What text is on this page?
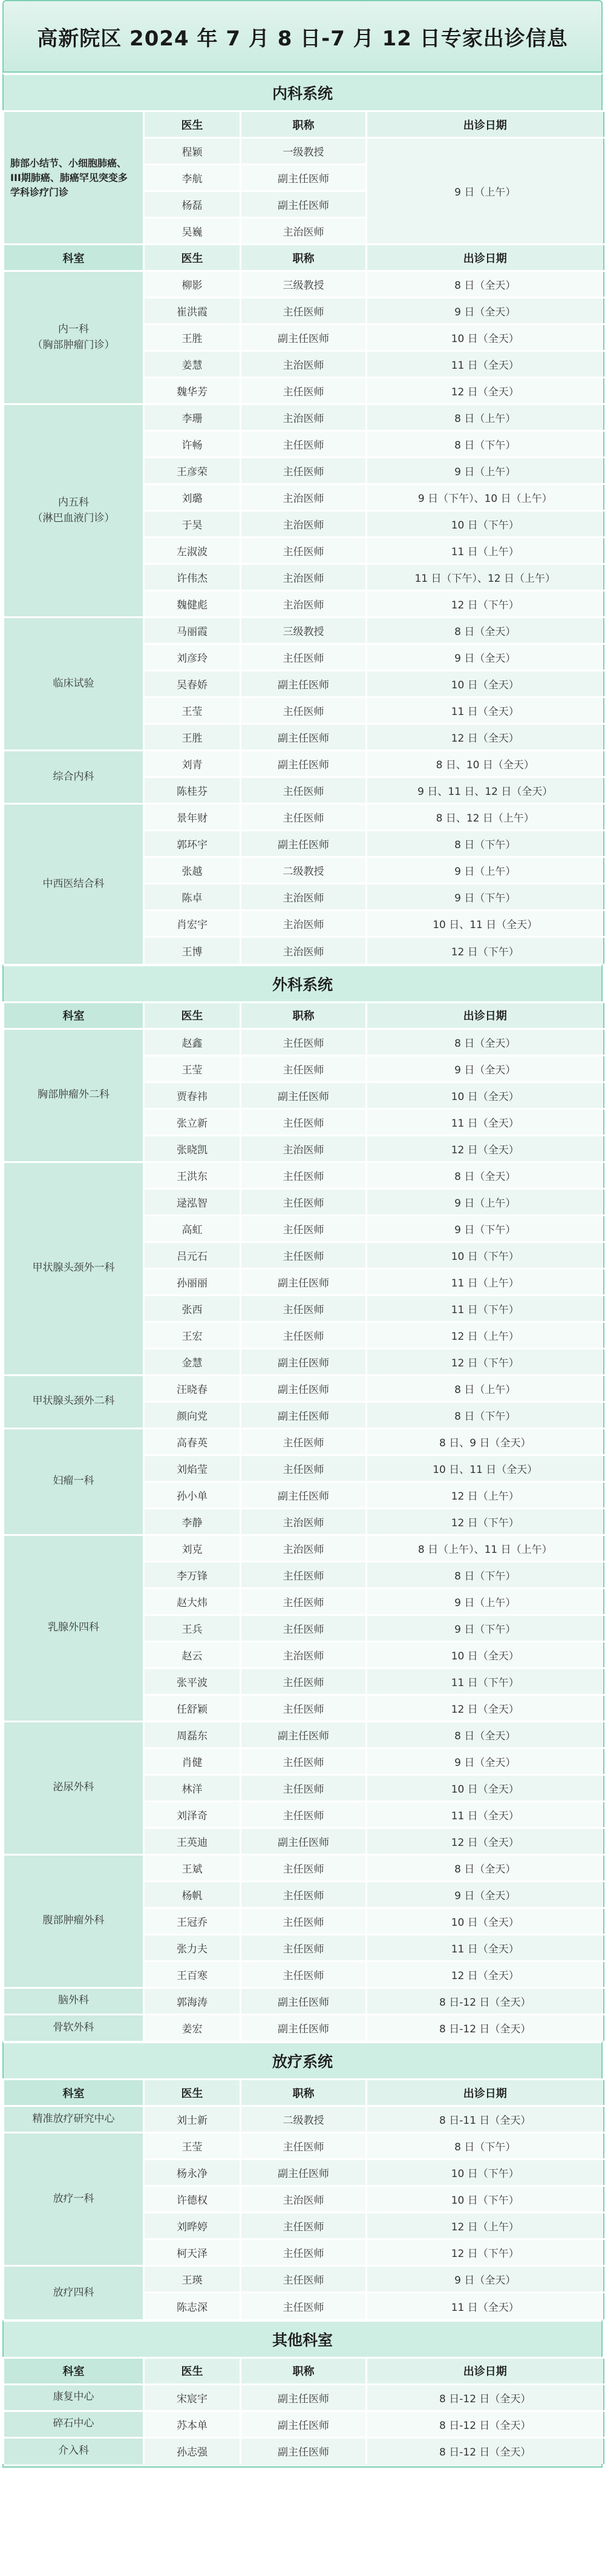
高新院区 2024 年 7 月 8 日-7 月 12 日专家出诊信息
内科系统
肺部小结节、小细胞肺癌、III期肺癌、肺癌罕见突变多学科诊疗门诊	医生	职称	出诊日期
	程颖	一级教授	9 日（上午）
	李航	副主任医师	
	杨磊	副主任医师	
	吴巍	主治医师	
科室	医生	职称	出诊日期

内一科
（胸部肿瘤门诊）	柳影	三级教授	8 日（全天）
	崔洪霞	主任医师	9 日（全天）
	王胜	副主任医师	10 日（全天）
	姜慧	主治医师	11 日（全天）
	魏华芳	主任医师	12 日（全天）

内五科
（淋巴血液门诊）	李珊	主治医师	8 日（上午）
	许畅	主任医师	8 日（下午）
	王彦荣	主任医师	9 日（上午）
	刘璐	主治医师	9 日（下午）、10 日（上午）
	于昊	主治医师	10 日（下午）
	左淑波	主任医师	11 日（上午）
	许伟杰	主治医师	11 日（下午）、12 日（上午）
	魏健彪	主治医师	12 日（下午）

临床试验	马丽霞	三级教授	8 日（全天）
	刘彦玲	主任医师	9 日（全天）
	吴春娇	副主任医师	10 日（全天）
	王莹	主任医师	11 日（全天）
	王胜	副主任医师	12 日（全天）

综合内科	刘青	副主任医师	8 日、10 日（全天）
	陈桂芬	主任医师	9 日、11 日、12 日（全天）

中西医结合科	景年财	主任医师	8 日、12 日（上午）
	郭环宇	副主任医师	8 日（下午）
	张越	二级教授	9 日（上午）
	陈卓	主治医师	9 日（下午）
	肖宏宇	主治医师	10 日、11 日（全天）
	王博	主治医师	12 日（下午）
外科系统
科室	医生	职称	出诊日期

胸部肿瘤外二科	赵鑫	主任医师	8 日（全天）
	王莹	主任医师	9 日（全天）
	贾春祎	副主任医师	10 日（全天）
	张立新	主任医师	11 日（全天）
	张晓凯	主治医师	12 日（全天）

甲状腺头颈外一科	王洪东	主任医师	8 日（全天）
	逯泓智	主任医师	9 日（上午）
	高虹	主任医师	9 日（下午）
	吕元石	主任医师	10 日（下午）
	孙丽丽	副主任医师	11 日（上午）
	张西	主任医师	11 日（下午）
	王宏	主任医师	12 日（上午）
	金慧	副主任医师	12 日（下午）

甲状腺头颈外二科	汪晓春	副主任医师	8 日（上午）
	颜向党	副主任医师	8 日（下午）

妇瘤一科	高春英	主任医师	8 日、9 日（全天）
	刘焰莹	主任医师	10 日、11 日（全天）
	孙小单	副主任医师	12 日（上午）
	李静	主治医师	12 日（下午）

乳腺外四科	刘克	主治医师	8 日（上午）、11 日（上午）
	李万锋	主任医师	8 日（下午）
	赵大炜	主任医师	9 日（上午）
	王兵	主任医师	9 日（下午）
	赵云	主治医师	10 日（全天）
	张平波	主任医师	11 日（下午）
	任舒颖	主任医师	12 日（全天）

泌尿外科	周磊东	副主任医师	8 日（全天）
	肖健	主任医师	9 日（全天）
	林洋	主任医师	10 日（全天）
	刘泽奇	主任医师	11 日（全天）
	王英迪	副主任医师	12 日（全天）

腹部肿瘤外科	王斌	主任医师	8 日（全天）
	杨帆	主任医师	9 日（全天）
	王冠乔	主任医师	10 日（全天）
	张力夫	主任医师	11 日（全天）
	王百寒	主任医师	12 日（全天）

脑外科	郭海涛	副主任医师	8 日-12 日（全天）

骨软外科	姜宏	副主任医师	8 日-12 日（全天）
放疗系统
科室	医生	职称	出诊日期

精准放疗研究中心	刘士新	二级教授	8 日-11 日（全天）

放疗一科	王莹	主任医师	8 日（下午）
	杨永净	副主任医师	10 日（下午）
	许德权	主治医师	10 日（下午）
	刘晔婷	主任医师	12 日（上午）
	柯天泽	主任医师	12 日（下午）

放疗四科	王瑛	主任医师	9 日（全天）
	陈志深	主任医师	11 日（全天）
其他科室
科室	医生	职称	出诊日期

康复中心	宋宸宇	副主任医师	8 日-12 日（全天）

碎石中心	苏本单	副主任医师	8 日-12 日（全天）

介入科	孙志强	副主任医师	8 日-12 日（全天）
